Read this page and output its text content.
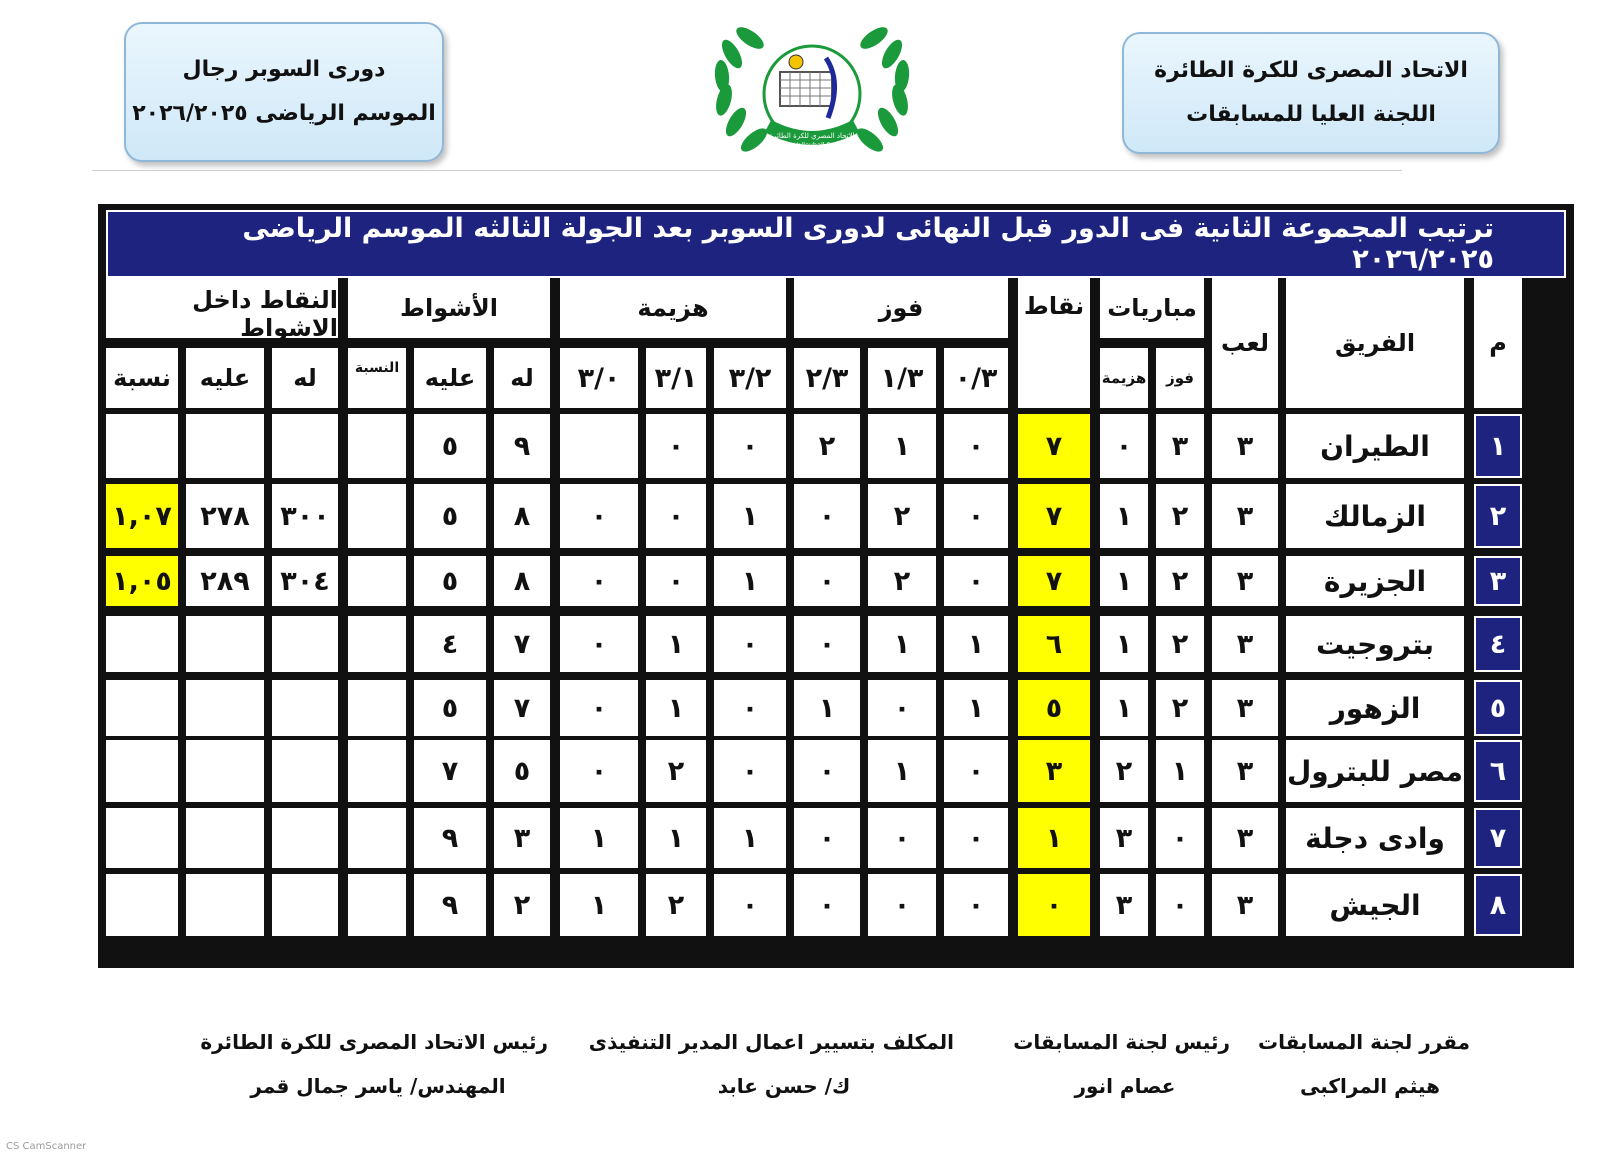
الاتحاد المصرى للكرة الطائرة
اللجنة العليا للمسابقات
الإتحاد المصري للكرة الطائرة
Egyptian Volleyball Federation
دورى السوبر رجال
الموسم الرياضى ٢٠٢٦/٢٠٢٥
ترتيب المجموعة الثانية فى الدور قبل النهائى لدورى السوبر بعد الجولة الثالثه الموسم الرياضى ٢٠٢٦/٢٠٢٥
م
الفريق
لعب
مباريات
فوز
هزيمة
نقاط
فوز
٠/٣
١/٣
٢/٣
هزيمة
٣/٢
٣/١
٣/٠
الأشواط
له
عليه
النسبة
النقاط داخل الاشواط
له
عليه
نسبة
١
الطيران
٣
٣
٠
٧
٠
١
٢
٠
٠
٩
٥
٢
الزمالك
٣
٢
١
٧
٠
٢
٠
١
٠
٠
٨
٥
٣٠٠
٢٧٨
١,٠٧
٣
الجزيرة
٣
٢
١
٧
٠
٢
٠
١
٠
٠
٨
٥
٣٠٤
٢٨٩
١,٠٥
٤
بتروجيت
٣
٢
١
٦
١
١
٠
٠
١
٠
٧
٤
٥
الزهور
٣
٢
١
٥
١
٠
١
٠
١
٠
٧
٥
٦
مصر للبترول
٣
١
٢
٣
٠
١
٠
٠
٢
٠
٥
٧
٧
وادى دجلة
٣
٠
٣
١
٠
٠
٠
١
١
١
٣
٩
٨
الجيش
٣
٠
٣
٠
٠
٠
٠
٠
٢
١
٢
٩
مقرر لجنة المسابقات
هيثم المراكبى
رئيس لجنة المسابقات
عصام انور
المكلف بتسيير اعمال المدير التنفيذى
ك/ حسن عابد
رئيس الاتحاد المصرى للكرة الطائرة
المهندس/ ياسر جمال قمر
CS CamScanner
